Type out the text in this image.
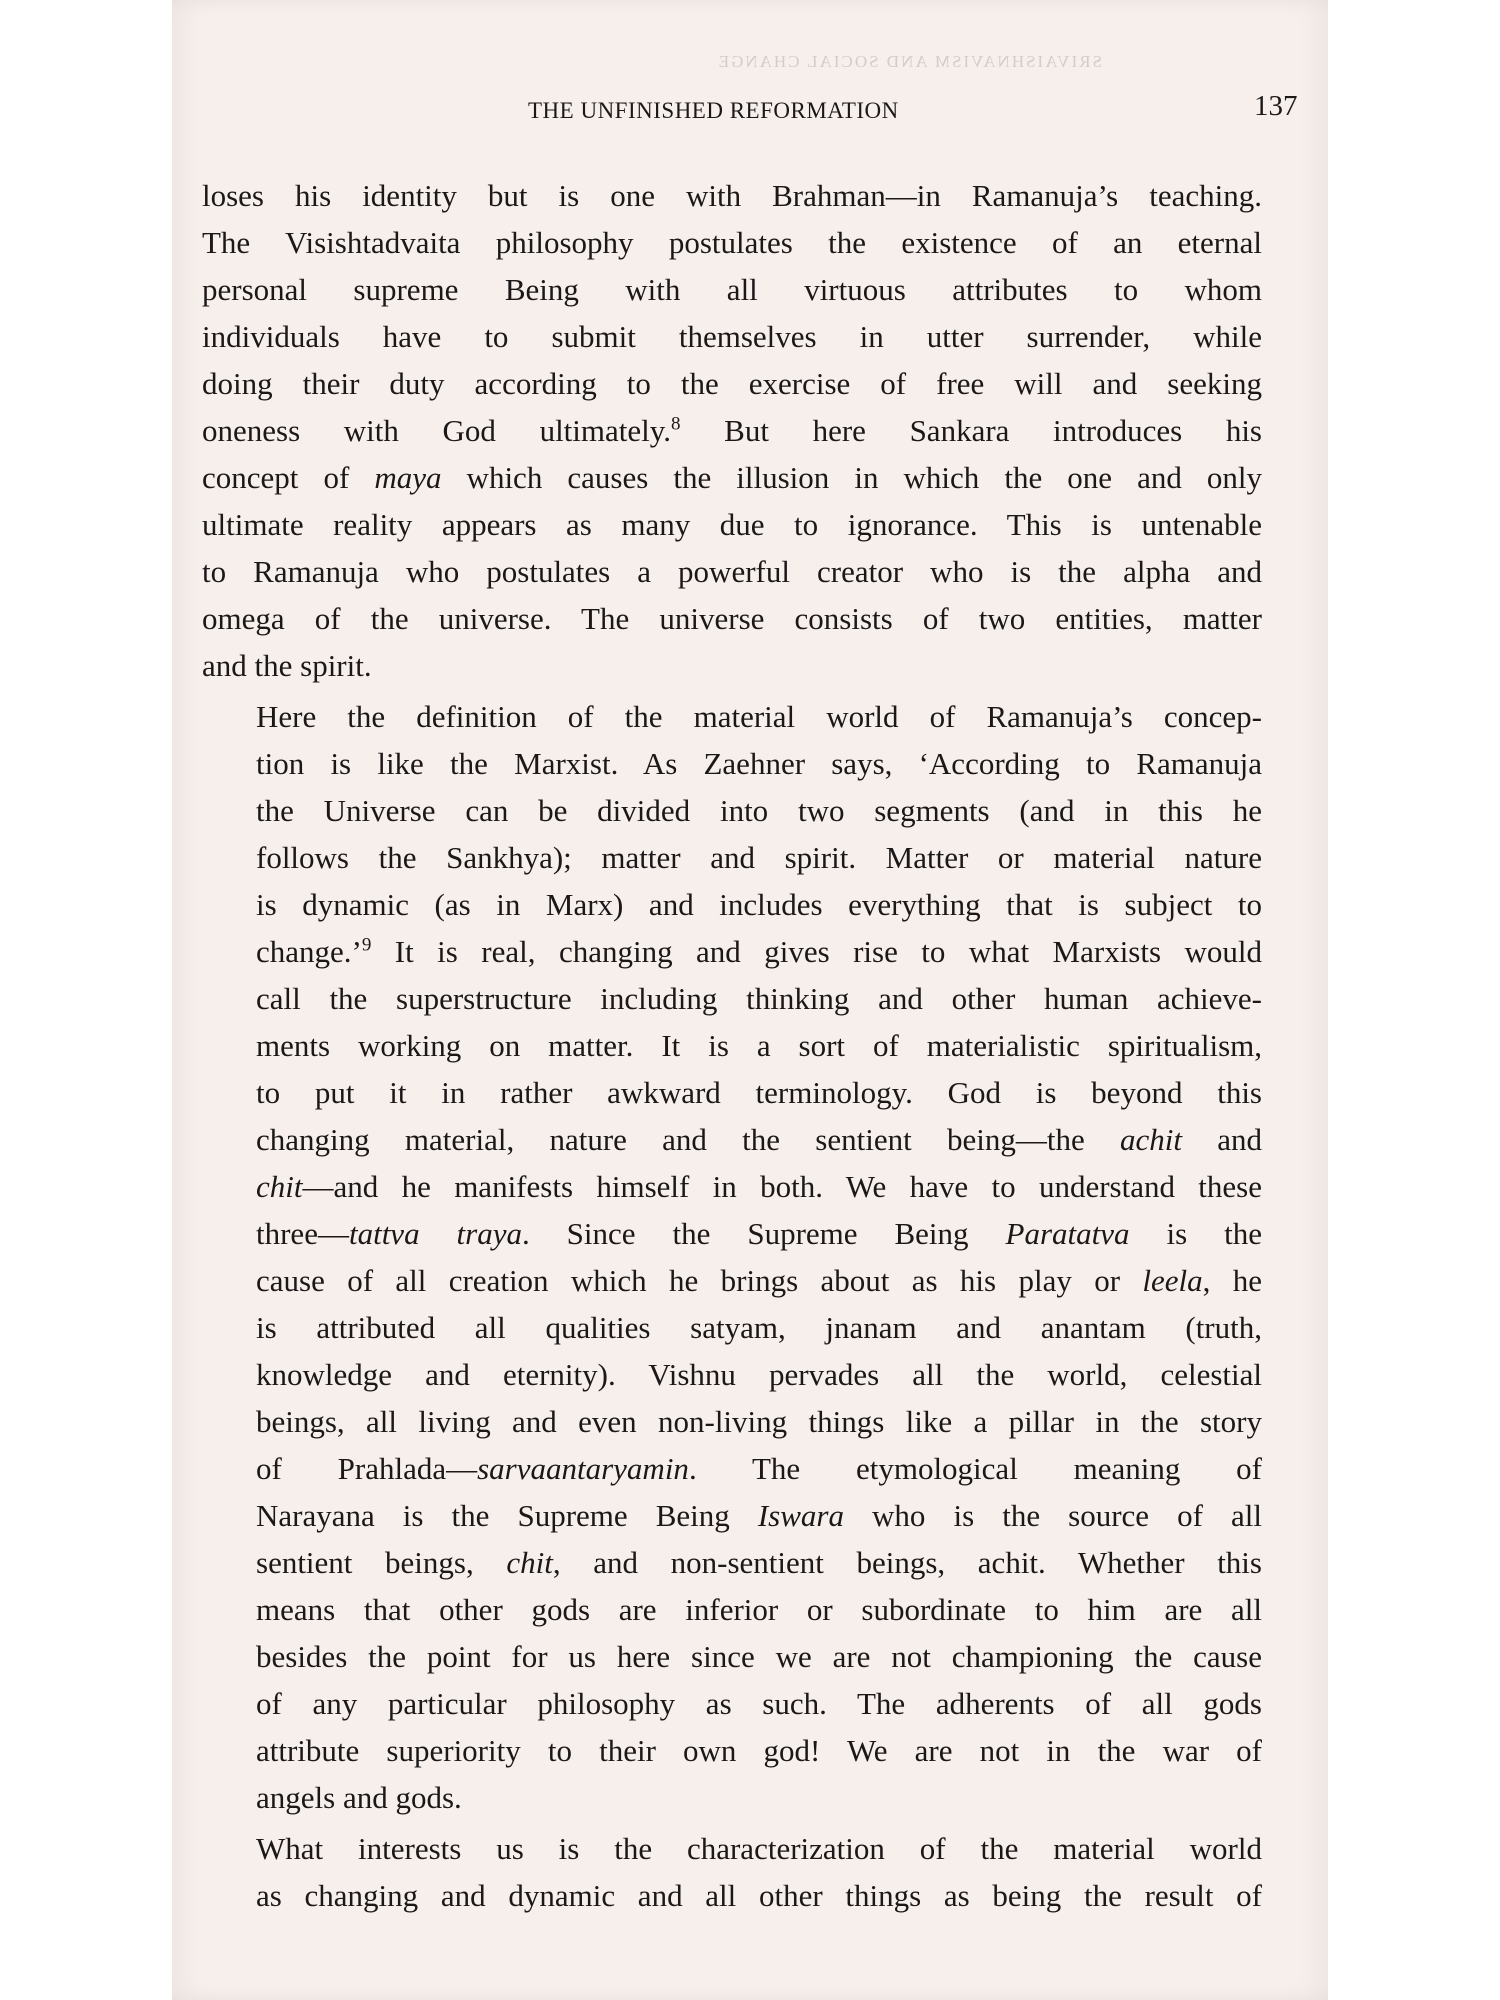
SRIVAISHNAVISM AND SOCIAL CHANGE
THE UNFINISHED REFORMATION	137

loses his identity but is one with Brahman—in Ramanuja’s teaching.
The Visishtadvaita philosophy postulates the existence of an eternal
personal supreme Being with all virtuous attributes to whom
individuals have to submit themselves in utter surrender, while
doing their duty according to the exercise of free will and seeking
oneness with God ultimately.$^8$ But here Sankara introduces his
concept of maya which causes the illusion in which the one and only
ultimate reality appears as many due to ignorance. This is untenable
to Ramanuja who postulates a powerful creator who is the alpha and
omega of the universe. The universe consists of two entities, matter
and the spirit.

Here the definition of the material world of Ramanuja’s concep-
tion is like the Marxist. As Zaehner says, ‘According to Ramanuja
the Universe can be divided into two segments (and in this he
follows the Sankhya); matter and spirit. Matter or material nature
is dynamic (as in Marx) and includes everything that is subject to
change.’$^9$ It is real, changing and gives rise to what Marxists would
call the superstructure including thinking and other human achieve-
ments working on matter. It is a sort of materialistic spiritualism,
to put it in rather awkward terminology. God is beyond this
changing material, nature and the sentient being—the achit and
chit—and he manifests himself in both. We have to understand these
three—tattva traya. Since the Supreme Being Paratatva is the
cause of all creation which he brings about as his play or leela, he
is attributed all qualities satyam, jnanam and anantam (truth,
knowledge and eternity). Vishnu pervades all the world, celestial
beings, all living and even non-living things like a pillar in the story
of Prahlada—sarvaantaryamin. The etymological meaning of
Narayana is the Supreme Being Iswara who is the source of all
sentient beings, chit, and non-sentient beings, achit. Whether this
means that other gods are inferior or subordinate to him are all
besides the point for us here since we are not championing the cause
of any particular philosophy as such. The adherents of all gods
attribute superiority to their own god! We are not in the war of
angels and gods.

What interests us is the characterization of the material world
as changing and dynamic and all other things as being the result of
